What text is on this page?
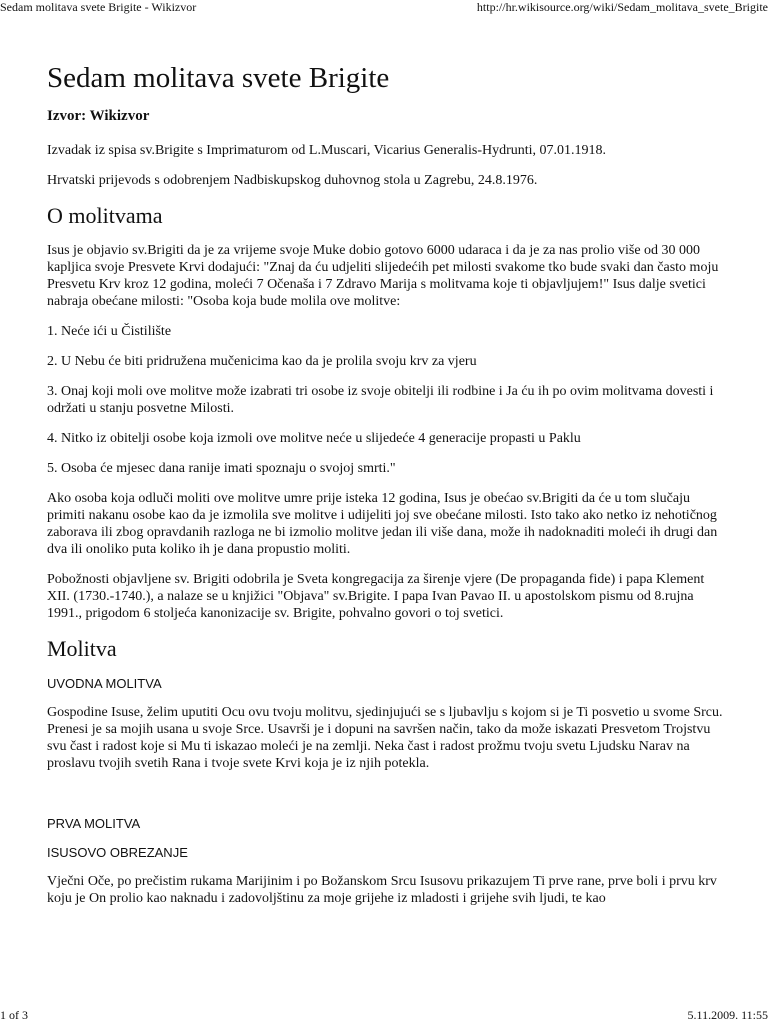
Sedam molitava svete Brigite - Wikizvor	http://hr.wikisource.org/wiki/Sedam_molitava_svete_Brigite
Sedam molitava svete Brigite

Izvor: Wikizvor

Izvadak iz spisa sv.Brigite s Imprimaturom od L.Muscari, Vicarius Generalis-Hydrunti, 07.01.1918.

Hrvatski prijevods s odobrenjem Nadbiskupskog duhovnog stola u Zagrebu, 24.8.1976.

O molitvama

Isus je objavio sv.Brigiti da je za vrijeme svoje Muke dobio gotovo 6000 udaraca i da je za nas prolio više od 30 000 kapljica svoje Presvete Krvi dodajući: "Znaj da ću udjeliti slijedećih pet milosti svakome tko bude svaki dan často moju Presvetu Krv kroz 12 godina, moleći 7 Očenaša i 7 Zdravo Marija s molitvama koje ti objavljujem!" Isus dalje svetici nabraja obećane milosti: "Osoba koja bude molila ove molitve:

1. Neće ići u Čistilište
2. U Nebu će biti pridružena mučenicima kao da je prolila svoju krv za vjeru
3. Onaj koji moli ove molitve može izabrati tri osobe iz svoje obitelji ili rodbine i Ja ću ih po ovim molitvama dovesti i održati u stanju posvetne Milosti.
4. Nitko iz obitelji osobe koja izmoli ove molitve neće u slijedeće 4 generacije propasti u Paklu
5. Osoba će mjesec dana ranije imati spoznaju o svojoj smrti."

Ako osoba koja odluči moliti ove molitve umre prije isteka 12 godina, Isus je obećao sv.Brigiti da će u tom slučaju primiti nakanu osobe kao da je izmolila sve molitve i udijeliti joj sve obećane milosti. Isto tako ako netko iz nehotičnog zaborava ili zbog opravdanih razloga ne bi izmolio molitve jedan ili više dana, može ih nadoknaditi moleći ih drugi dan dva ili onoliko puta koliko ih je dana propustio moliti.

Pobožnosti objavljene sv. Brigiti odobrila je Sveta kongregacija za širenje vjere (De propaganda fide) i papa Klement XII. (1730.-1740.), a nalaze se u knjižici "Objava" sv.Brigite. I papa Ivan Pavao II. u apostolskom pismu od 8.rujna 1991., prigodom 6 stoljeća kanonizacije sv. Brigite, pohvalno govori o toj svetici.

Molitva

UVODNA MOLITVA

Gospodine Isuse, želim uputiti Ocu ovu tvoju molitvu, sjedinjujući se s ljubavlju s kojom si je Ti posvetio u svome Srcu. Prenesi je sa mojih usana u svoje Srce. Usavrši je i dopuni na savršen način, tako da može iskazati Presvetom Trojstvu svu čast i radost koje si Mu ti iskazao moleći je na zemlji. Neka čast i radost prožmu tvoju svetu Ljudsku Narav na proslavu tvojih svetih Rana i tvoje svete Krvi koja je iz njih potekla.

PRVA MOLITVA

ISUSOVO OBREZANJE

Vječni Oče, po prečistim rukama Marijinim i po Božanskom Srcu Isusovu prikazujem Ti prve rane, prve boli i prvu krv koju je On prolio kao naknadu i zadovoljštinu za moje grijehe iz mladosti i grijehe svih ljudi, te kao

1 of 3	5.11.2009. 11:55
